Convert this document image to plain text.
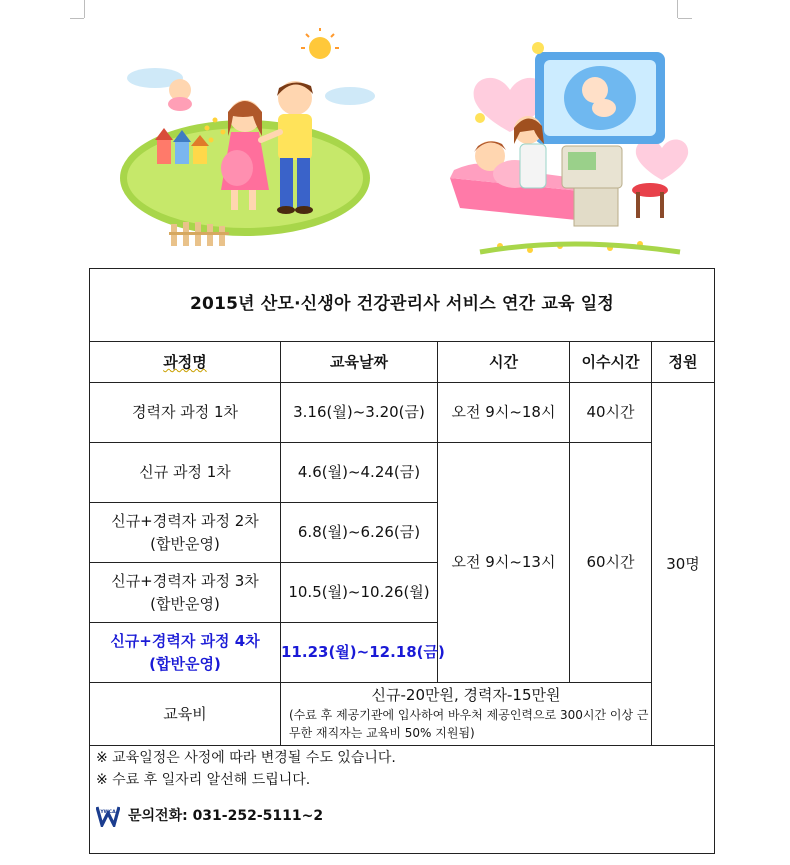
2015년 산모·신생아 건강관리사 서비스 연간 교육 일정				
과정명	교육날짜	시간	이수시간	정원
경력자 과정 1차	3.16(월)~3.20(금)	오전 9시~18시	40시간	30명
신규 과정 1차	4.6(월)~4.24(금)	오전 9시~13시	60시간	

신규+경력자 과정 2차
(합반운영)	6.8(월)~6.26(금)			

신규+경력자 과정 3차
(합반운영)	10.5(월)~10.26(월)			

신규+경력자 과정 4차
(합반운영)	11.23(월)~12.18(금)			
교육비	신규-20만원, 경력자-15만원
(수료 후 제공기관에 입사하여 바우처 제공인력으로 300시간 이상 근무한 재직자는 교육비 50% 지원됨)			

※ 교육일정은 사정에 따라 변경될 수도 있습니다.
※ 수료 후 일자리 알선해 드립니다.
YWCA 문의전화: 031-252-5111~2				
